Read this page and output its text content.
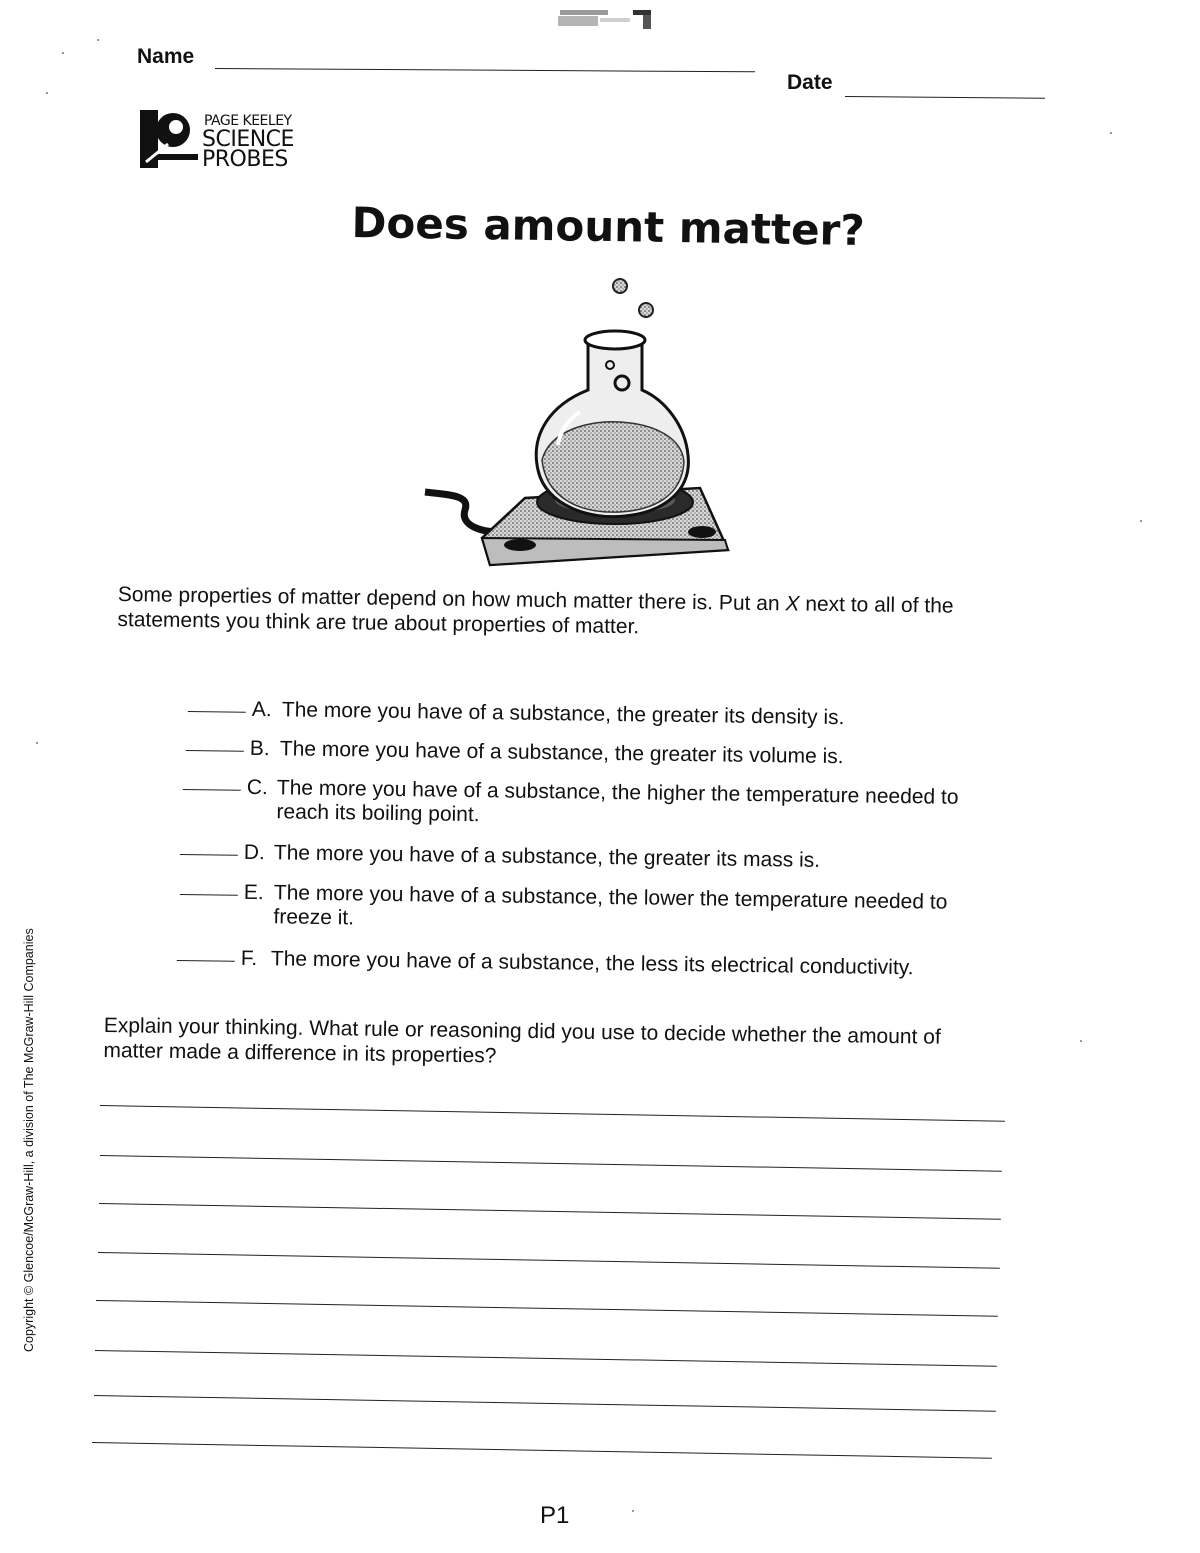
Name
Date
PAGE KEELEY
SCIENCE
PROBES
Does amount matter?
Some properties of matter depend on how much matter there is. Put an X next to all of the statements you think are true about properties of matter.
A. The more you have of a substance, the greater its density is.
B. The more you have of a substance, the greater its volume is.
C. The more you have of a substance, the higher the temperature needed to reach its boiling point.
D. The more you have of a substance, the greater its mass is.
E. The more you have of a substance, the lower the temperature needed to freeze it.
F. The more you have of a substance, the less its electrical conductivity.
Explain your thinking. What rule or reasoning did you use to decide whether the amount of matter made a difference in its properties?
Copyright © Glencoe/McGraw-Hill, a division of The McGraw-Hill Companies
P1
